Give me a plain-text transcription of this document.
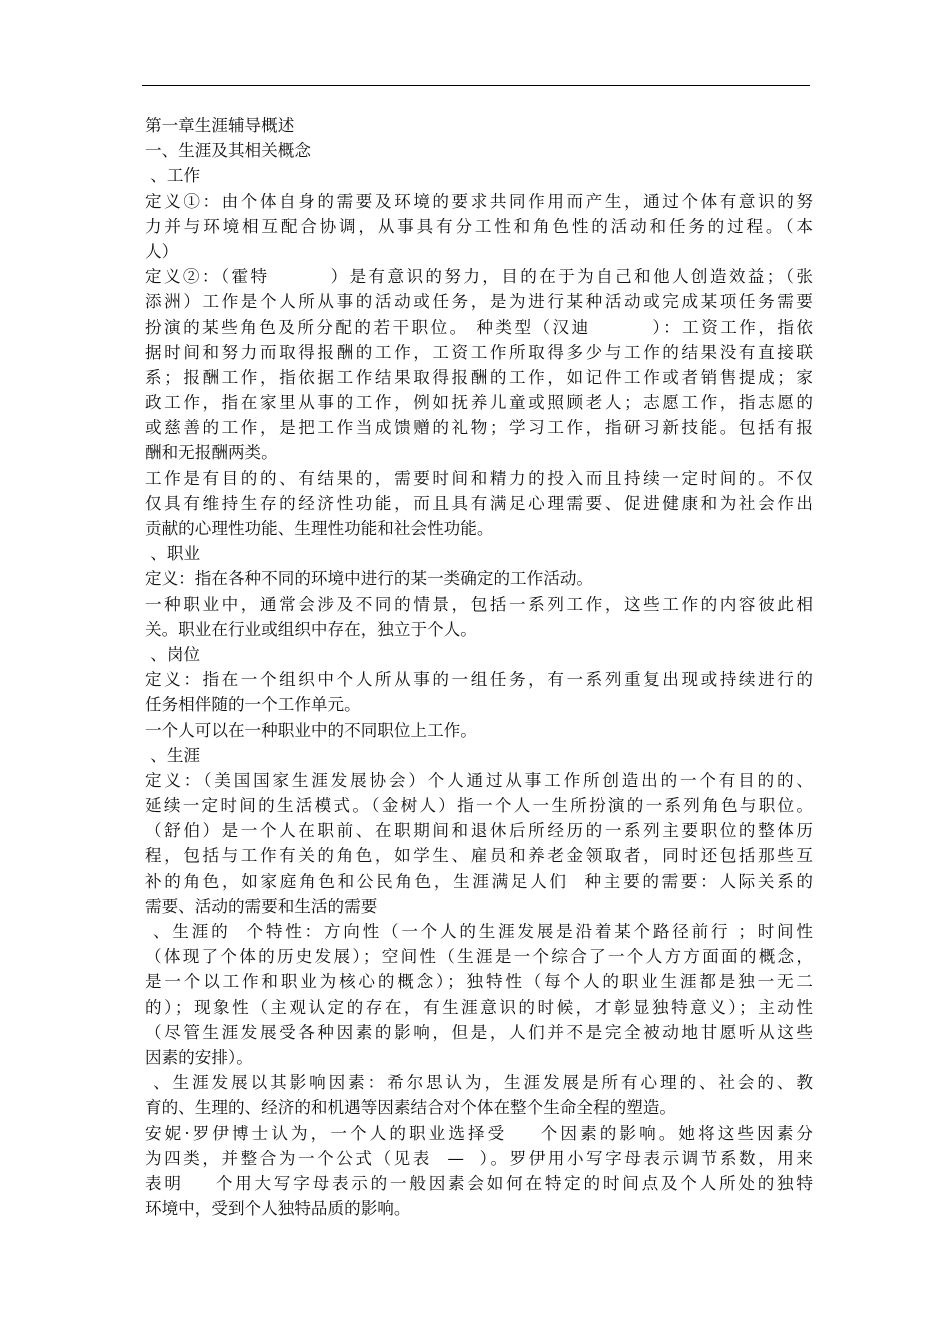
第一章生涯辅导概述
一、生涯及其相关概念
、工作
定义①：由个体自身的需要及环境的要求共同作用而产生，通过个体有意识的努
力并与环境相互配合协调，从事具有分工性和角色性的活动和任务的过程。（本
人）
定义②：（霍特        ）是有意识的努力，目的在于为自己和他人创造效益；（张
添洲）工作是个人所从事的活动或任务，是为进行某种活动或完成某项任务需要
扮演的某些角色及所分配的若干职位。 种类型（汉迪        ）：工资工作，指依
据时间和努力而取得报酬的工作，工资工作所取得多少与工作的结果没有直接联
系；报酬工作，指依据工作结果取得报酬的工作，如记件工作或者销售提成；家
政工作，指在家里从事的工作，例如抚养儿童或照顾老人；志愿工作，指志愿的
或慈善的工作，是把工作当成馈赠的礼物；学习工作，指研习新技能。包括有报
酬和无报酬两类。
工作是有目的的、有结果的，需要时间和精力的投入而且持续一定时间的。不仅
仅具有维持生存的经济性功能，而且具有满足心理需要、促进健康和为社会作出
贡献的心理性功能、生理性功能和社会性功能。
、职业
定义：指在各种不同的环境中进行的某一类确定的工作活动。
一种职业中，通常会涉及不同的情景，包括一系列工作，这些工作的内容彼此相
关。职业在行业或组织中存在，独立于个人。
、岗位
定义：指在一个组织中个人所从事的一组任务，有一系列重复出现或持续进行的
任务相伴随的一个工作单元。
一个人可以在一种职业中的不同职位上工作。
、生涯
定义：（美国国家生涯发展协会）个人通过从事工作所创造出的一个有目的的、
延续一定时间的生活模式。（金树人）指一个人一生所扮演的一系列角色与职位。
（舒伯）是一个人在职前、在职期间和退休后所经历的一系列主要职位的整体历
程，包括与工作有关的角色，如学生、雇员和养老金领取者，同时还包括那些互
补的角色，如家庭角色和公民角色，生涯满足人们  种主要的需要：人际关系的
需要、活动的需要和生活的需要
、生涯的  个特性：方向性（一个人的生涯发展是沿着某个路径前行 ；时间性
（体现了个体的历史发展）；空间性（生涯是一个综合了一个人方方面面的概念，
是一个以工作和职业为核心的概念）；独特性（每个人的职业生涯都是独一无二
的）；现象性（主观认定的存在，有生涯意识的时候，才彰显独特意义）；主动性
（尽管生涯发展受各种因素的影响，但是，人们并不是完全被动地甘愿听从这些
因素的安排）。
、生涯发展以其影响因素：希尔思认为，生涯发展是所有心理的、社会的、教
育的、生理的、经济的和机遇等因素结合对个体在整个生命全程的塑造。
安妮·罗伊博士认为，一个人的职业选择受    个因素的影响。她将这些因素分
为四类，并整合为一个公式（见表  —  ）。罗伊用小写字母表示调节系数，用来
表明    个用大写字母表示的一般因素会如何在特定的时间点及个人所处的独特
环境中，受到个人独特品质的影响。
